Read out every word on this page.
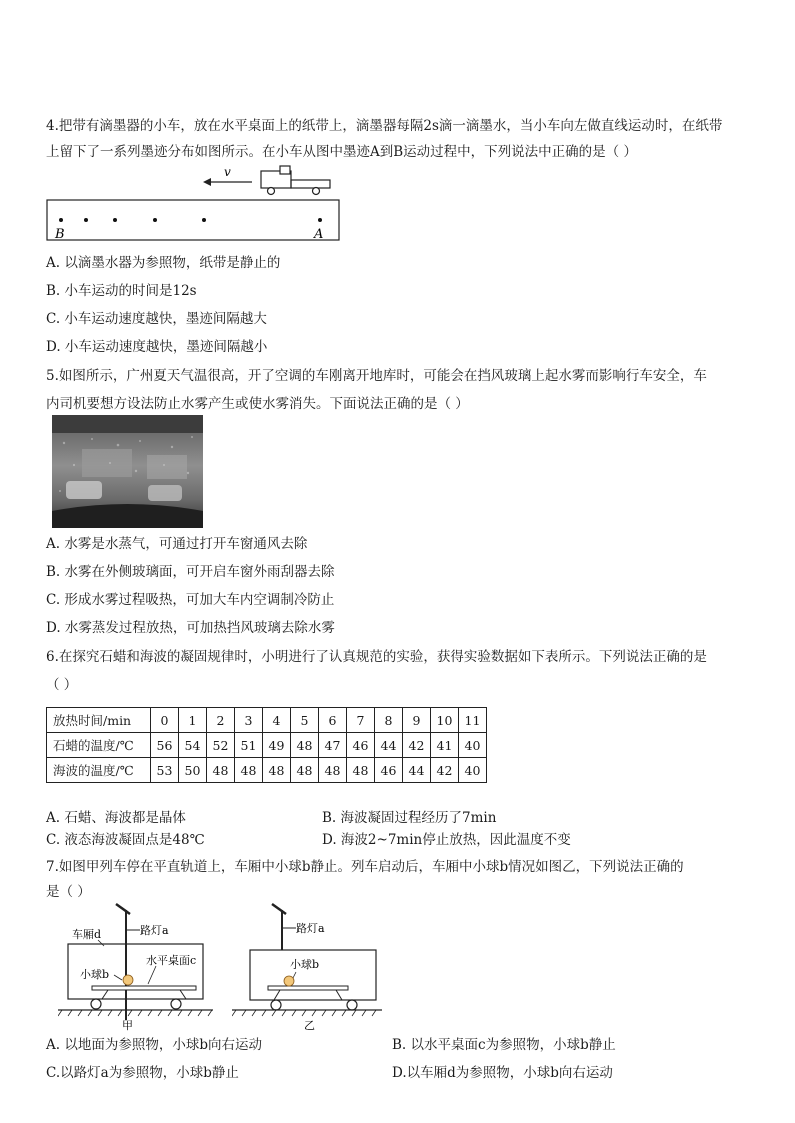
4.把带有滴墨器的小车，放在水平桌面上的纸带上，滴墨器每隔2s滴一滴墨水，当小车向左做直线运动时，在纸带
上留下了一系列墨迹分布如图所示。在小车从图中墨迹A到B运动过程中，下列说法中正确的是（ ）
v
B	A
A. 以滴墨水器为参照物，纸带是静止的
B. 小车运动的时间是12s
C. 小车运动速度越快，墨迹间隔越大
D. 小车运动速度越快，墨迹间隔越小
5.如图所示，广州夏天气温很高，开了空调的车刚离开地库时，可能会在挡风玻璃上起水雾而影响行车安全，车
内司机要想方设法防止水雾产生或使水雾消失。下面说法正确的是（ ）
A. 水雾是水蒸气，可通过打开车窗通风去除
B. 水雾在外侧玻璃面，可开启车窗外雨刮器去除
C. 形成水雾过程吸热，可加大车内空调制冷防止
D. 水雾蒸发过程放热，可加热挡风玻璃去除水雾
6.在探究石蜡和海波的凝固规律时，小明进行了认真规范的实验，获得实验数据如下表所示。下列说法正确的是
（ ）
放热时间/min	0	1	2	3	4	5	6	7	8	9	10	11
石蜡的温度/℃	56	54	52	51	49	48	47	46	44	42	41	40
海波的温度/℃	53	50	48	48	48	48	48	48	46	44	42	40
A. 石蜡、海波都是晶体	B. 海波凝固过程经历了7min
C. 液态海波凝固点是48℃	D. 海波2~7min停止放热，因此温度不变
7.如图甲列车停在平直轨道上，车厢中小球b静止。列车启动后，车厢中小球b情况如图乙，下列说法正确的
是（ ）
路灯a
车厢d
水平桌面c
小球b
甲
路灯a
小球b
乙
A. 以地面为参照物，小球b向右运动	B. 以水平桌面c为参照物，小球b静止
C.以路灯a为参照物，小球b静止	D.以车厢d为参照物，小球b向右运动
